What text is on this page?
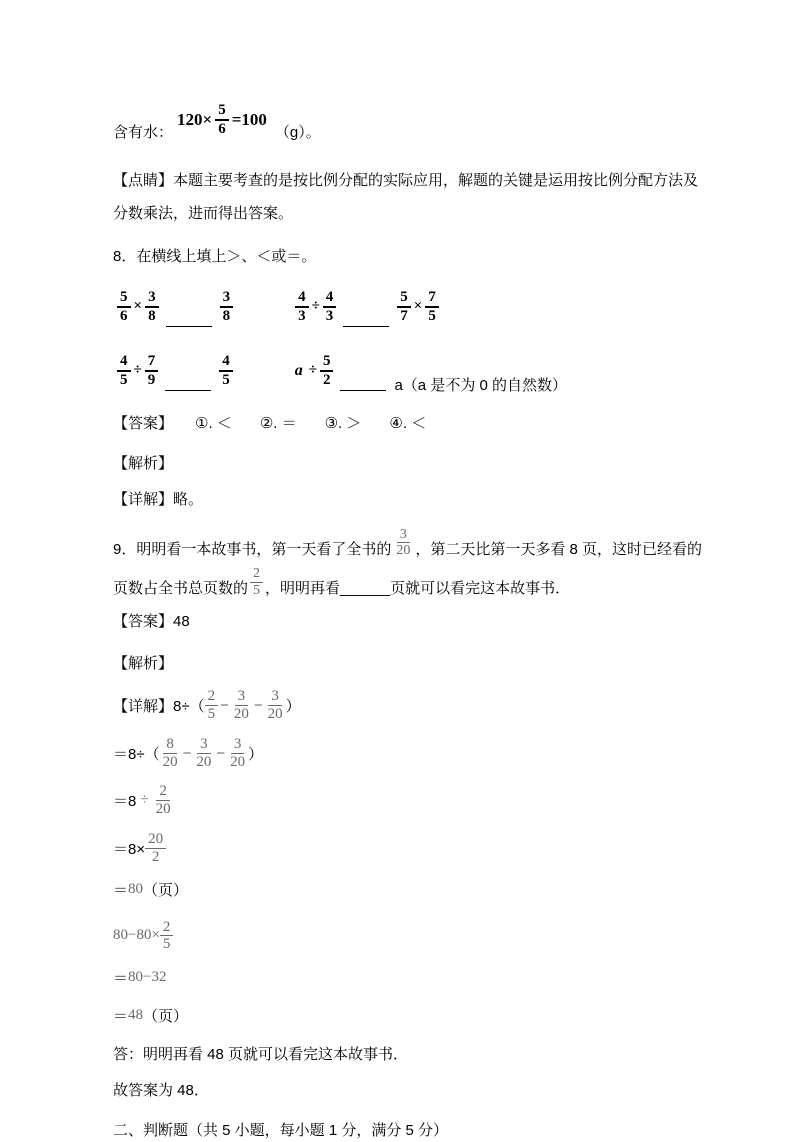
含有水：
$120\times \frac{5}{6} =100$
（g）。
【点睛】本题主要考查的是按比例分配的实际应用，解题的关键是运用按比例分配方法及
分数乘法，进而得出答案。
8．在横线上填上＞、＜或＝。
$\frac{5}{6} \times \frac{3}{8}$	$\frac{3}{8}$	$\frac{4}{3} \div \frac{4}{3}$	$\frac{5}{7} \times \frac{7}{5}$
$\frac{4}{5} \div \frac{7}{9}$	$\frac{4}{5}$	$a \div \frac{5}{2}$	a（a 是不为 0 的自然数）
【答案】 ①. ＜ ②. ＝ ③. ＞ ④. ＜
【解析】
【详解】略。
9．明明看一本故事书，第一天看了全书的 $\frac{3}{20}$ ，第二天比第一天多看 8 页，这时已经看的
页数占全书总页数的 $\frac{2}{5}$ ，明明再看______页就可以看完这本故事书．
【答案】48
【解析】
【详解】$8\div( \frac{2}{5} - \frac{3}{20} - \frac{3}{20}$ ）
$=8\div( \frac{8}{20} - \frac{3}{20} - \frac{3}{20}$ ）
$=8 \div \frac{2}{20}$
$=8\times \frac{20}{2}$
＝ 80 （页）
$80-80\times \frac{2}{5}$
＝ 80−32
＝ 48 （页）
答：明明再看 48 页就可以看完这本故事书．
故答案为 48．
二、判断题（共 5 小题，每小题 1 分，满分 5 分）
